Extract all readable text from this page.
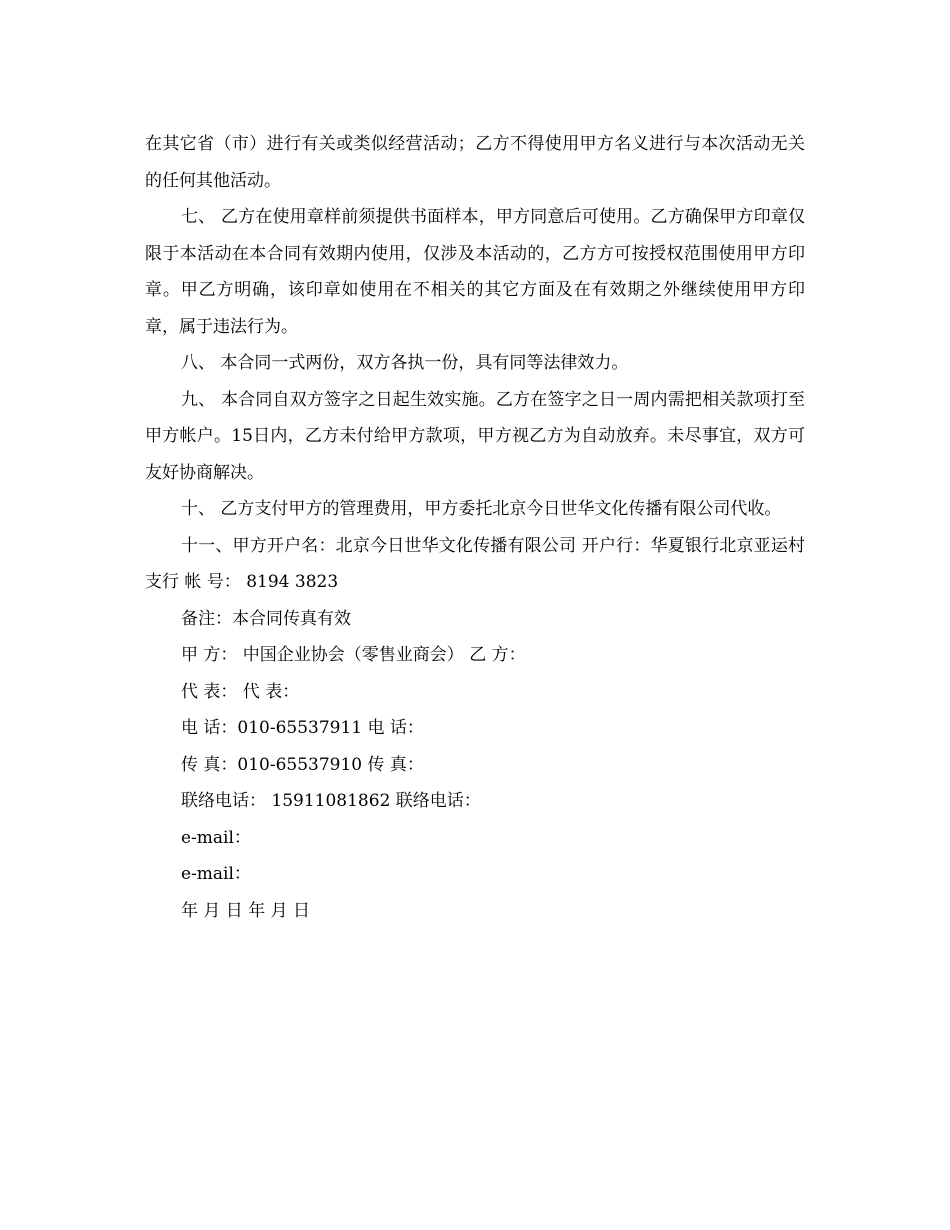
在其它省（市）进行有关或类似经营活动；乙方不得使用甲方名义进行与本次活动无关的任何其他活动。

七、 乙方在使用章样前须提供书面样本，甲方同意后可使用。乙方确保甲方印章仅限于本活动在本合同有效期内使用，仅涉及本活动的，乙方方可按授权范围使用甲方印章。甲乙方明确，该印章如使用在不相关的其它方面及在有效期之外继续使用甲方印章，属于违法行为。

八、 本合同一式两份，双方各执一份，具有同等法律效力。

九、 本合同自双方签字之日起生效实施。乙方在签字之日一周内需把相关款项打至甲方帐户。15日内，乙方未付给甲方款项，甲方视乙方为自动放弃。未尽事宜，双方可友好协商解决。

十、 乙方支付甲方的管理费用，甲方委托北京今日世华文化传播有限公司代收。

十一、甲方开户名：北京今日世华文化传播有限公司 开户行：华夏银行北京亚运村支行 帐 号： 8194 3823

备注：本合同传真有效

甲 方： 中国企业协会（零售业商会） 乙 方：

代 表： 代 表：

电 话：010-65537911 电 话：

传 真：010-65537910 传 真：

联络电话： 15911081862 联络电话：

e-mail：

e-mail：

年 月 日 年 月 日
